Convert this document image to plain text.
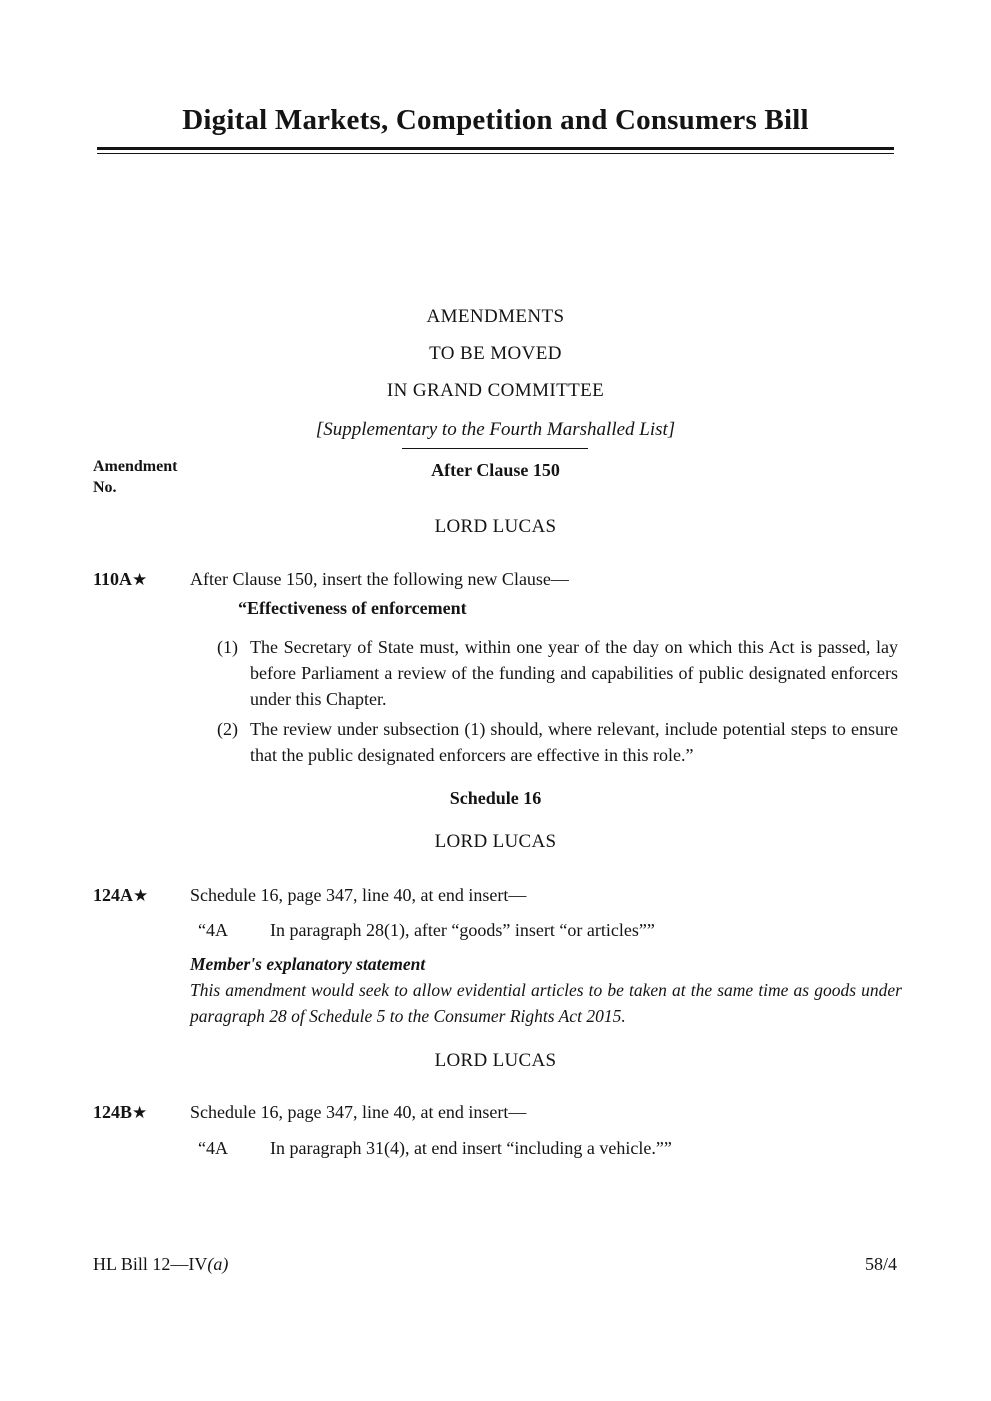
Digital Markets, Competition and Consumers Bill
AMENDMENTS
TO BE MOVED
IN GRAND COMMITTEE
[Supplementary to the Fourth Marshalled List]
Amendment
No.
After Clause 150
LORD LUCAS
110A★	After Clause 150, insert the following new Clause—
“Effectiveness of enforcement
(1) The Secretary of State must, within one year of the day on which this Act is passed, lay before Parliament a review of the funding and capabilities of public designated enforcers under this Chapter.
(2) The review under subsection (1) should, where relevant, include potential steps to ensure that the public designated enforcers are effective in this role.”
Schedule 16
LORD LUCAS
124A★	Schedule 16, page 347, line 40, at end insert—
“4A In paragraph 28(1), after “goods” insert “or articles””
Member's explanatory statement
This amendment would seek to allow evidential articles to be taken at the same time as goods under paragraph 28 of Schedule 5 to the Consumer Rights Act 2015.
LORD LUCAS
124B★	Schedule 16, page 347, line 40, at end insert—
“4A In paragraph 31(4), at end insert “including a vehicle.””
HL Bill 12—IV(a)	58/4
